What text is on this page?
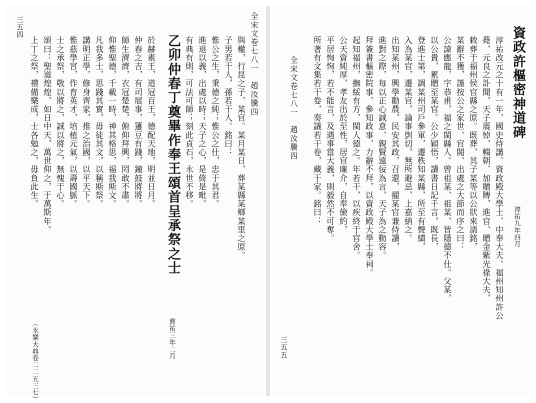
全宋文卷七八一　趙汝騰四
三五四
與權，行昆之子，某官。某月某日，葬某縣某鄉某里之原。
子男若干人，孫若干人。銘曰：
惟公之生，秉德之純；惟公之仕，忠于其君。
進退以義，出處以時；天子之心，是倚是毗。
有典有則，可法可師；刻此貞石，永世不移。
乙卯仲春丁奠畢作奉王頌首呈承祭之士
寶祐三年二月
於赫素王，道冠百王，德配天地，明並日月。
仲春之吉，有司展事，籩豆有踐，鐘鼓將將。
師生濟濟，衣冠楚楚，俯仰拜興，罔敢不肅。
仰惟聖德，千載一時，神其格思，福我斯文。
凡我多士，思踐其實，毋徒其文，以稱斯祭。
講明正學，修身齊家，推之治國，以平天下。
惟茲學宮，作育英才，培植元氣，以壽國脈。
士之承祭，敬以將之，誠以將之，無愧于心。
頌曰：聖道煌煌，如日中天，萬世仰之，于萬斯年。
上丁之祭，禮備樂成，士各勉之，毋負此生。
（永樂大典卷二二五三七）
全宋文卷七八一　趙汝騰四
三五五
資政許樞密神道碑
淳祐九年四月
淳祐改元之十有一年，國史侍講、資政殿大學士、中奉大夫、福州知州許公
薨，元良之訃聞，天子震悼，輟朝、加贈賻，進官、贈金紫光祿大夫，
敕葬于福州侯官縣之原。既葬，其子某等以公狀來請銘，
某辭不獲，謹按公之家世、官閥、出處之大節而序之曰：
公諱應龍，字恭甫，福之閩縣人。曾祖某、祖某，皆隱德不仕。父某，
以公貴，累贈至某官。公少穎悟，讀書日記千言，既長，
登進士第，調某州司戶參軍，遷秩知某縣，所至有聲績，
入為某官，遷某官，論事剴切，無所避忌，上嘉納之。
出知某州，興學勸農，民安其政，召還，擢某官兼侍讀，
進對之際，每以正心誠意、親賢遠佞為言，天子為之動容。
拜簽書樞密院事，參知政事，力辭不拜，以資政殿大學士奉祠。
起知福州，撫綏有方，閩人德之。年若干，以疾終于官舍。
公天資純厚，孝友出於至性，居官廉介，自奉儉約，
平居恂恂，若不能言，及遇事當大義，則毅然不可奪。
所著有文集若干卷，奏議若干卷，藏于家。銘曰：
